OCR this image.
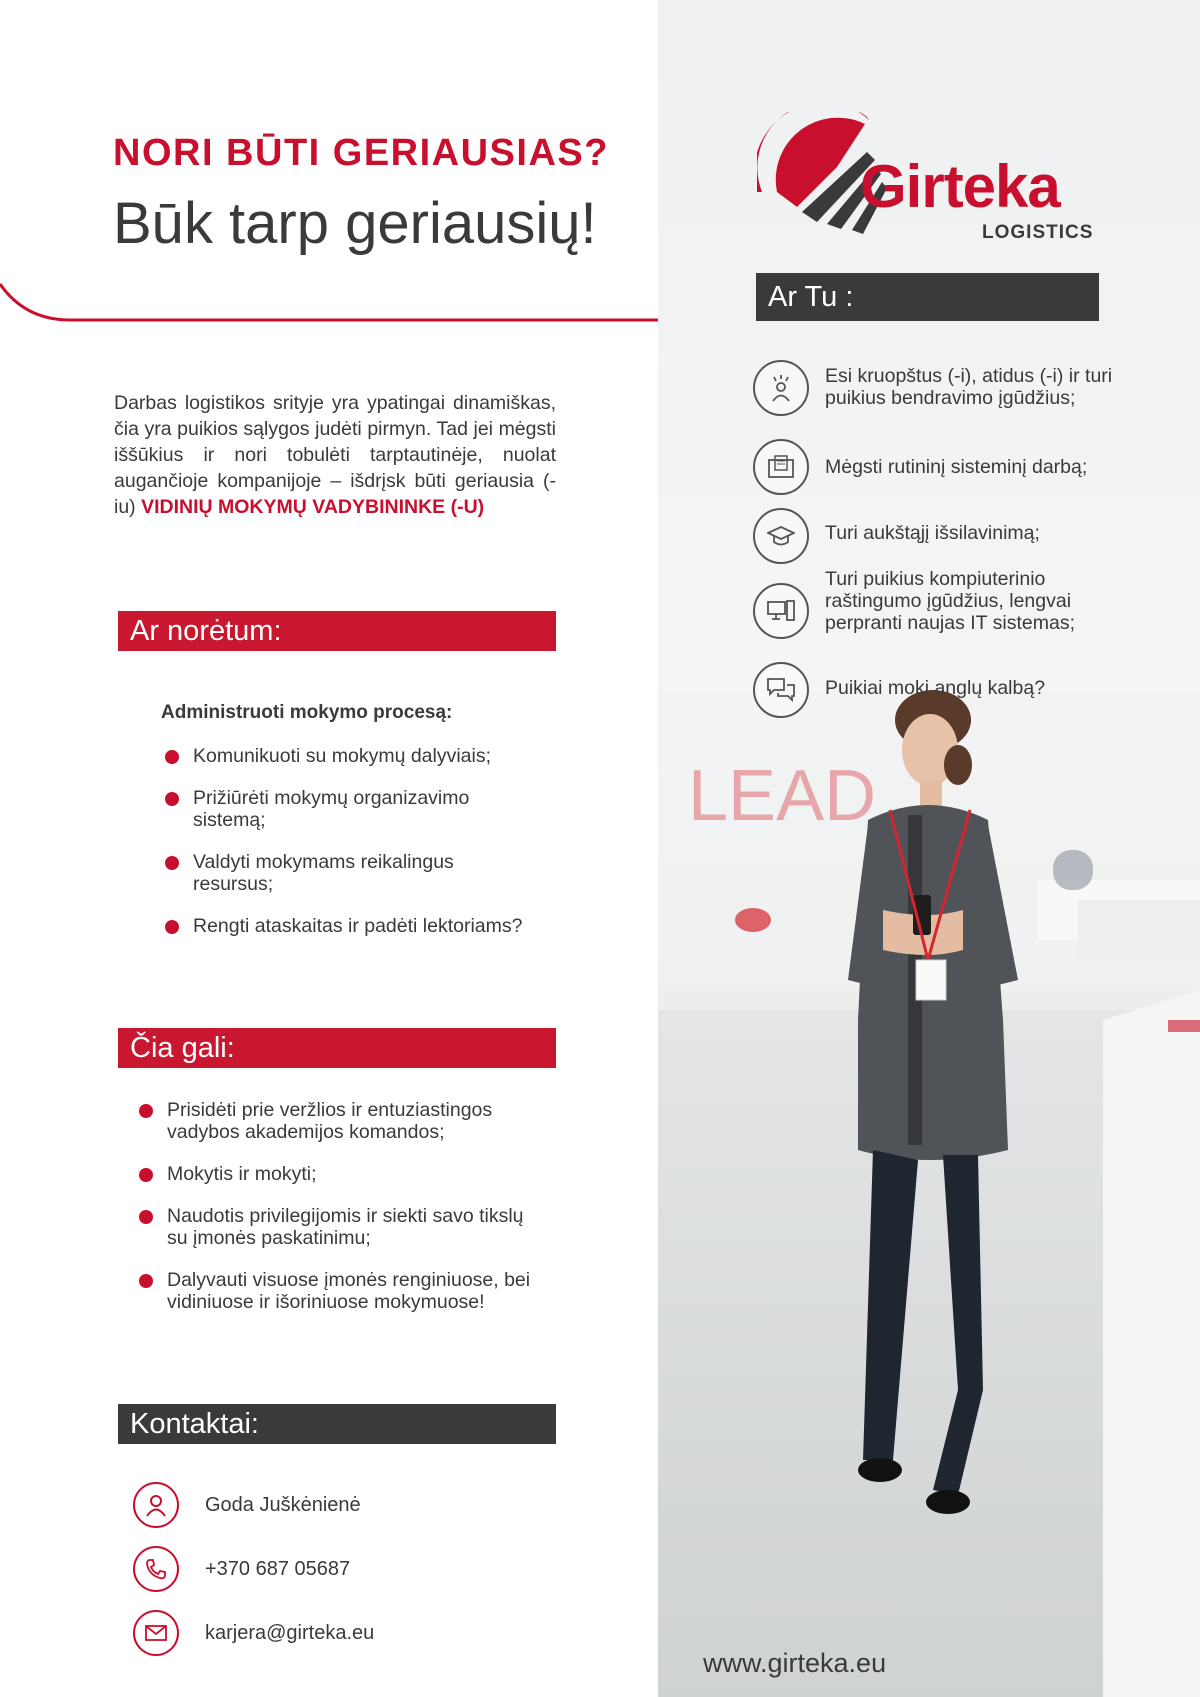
LEAD
NORI BŪTI GERIAUSIAS?
Būk tarp geriausių!
Darbas logistikos srityje yra ypatingai dinamiškas, čia yra puikios sąlygos judėti pirmyn. Tad jei mėgsti iššūkius ir nori tobulėti tarptautinėje, nuolat augančioje kompanijoje – išdrįsk būti geriausia (-iu) VIDINIŲ MOKYMŲ VADYBININKE (-U)
Ar norėtum:
Administruoti mokymo procesą:
Komunikuoti su mokymų dalyviais;
Prižiūrėti mokymų organizavimo sistemą;
Valdyti mokymams reikalingus resursus;
Rengti ataskaitas ir padėti lektoriams?
Čia gali:
Prisidėti prie veržlios ir entuziastingos vadybos akademijos komandos;
Mokytis ir mokyti;
Naudotis privilegijomis ir siekti savo tikslų su įmonės paskatinimu;
Dalyvauti visuose įmonės renginiuose, bei vidiniuose ir išoriniuose mokymuose!
Kontaktai:
Goda Juškėnienė
+370 687 05687
karjera@girteka.eu
Girteka
LOGISTICS
Ar Tu :
Esi kruopštus (-i), atidus (-i) ir turi puikius bendravimo įgūdžius;
Mėgsti rutininį sisteminį darbą;
Turi aukštąjį išsilavinimą;
Turi puikius kompiuterinio raštingumo įgūdžius, lengvai perpranti naujas IT sistemas;
Puikiai moki anglų kalbą?
www.girteka.eu
